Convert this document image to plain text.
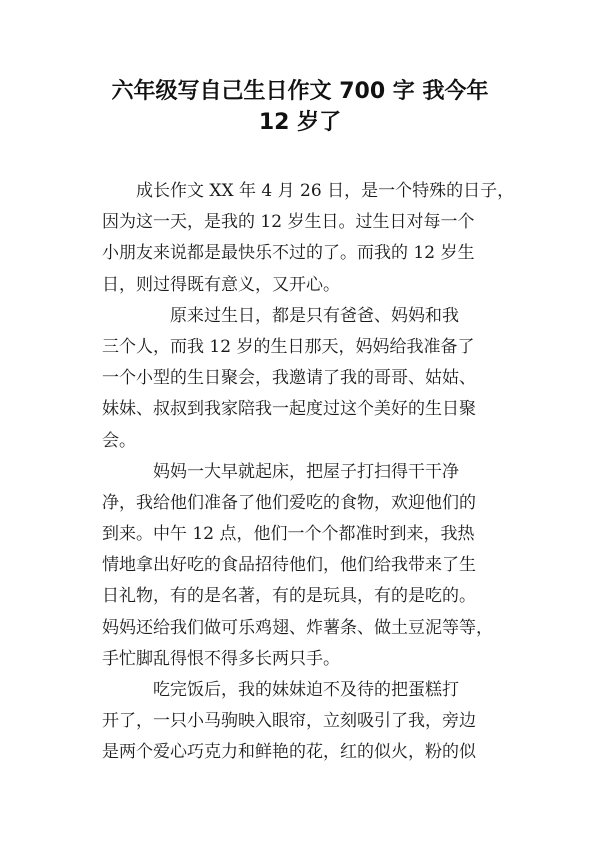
六年级写自己生日作文 700 字 我今年
12 岁了

　　成长作文 XX 年 4 月 26 日，是一个特殊的日子，
因为这一天，是我的 12 岁生日。过生日对每一个
小朋友来说都是最快乐不过的了。而我的 12 岁生
日，则过得既有意义，又开心。

　　　　原来过生日，都是只有爸爸、妈妈和我
三个人，而我 12 岁的生日那天，妈妈给我准备了
一个小型的生日聚会，我邀请了我的哥哥、姑姑、
妹妹、叔叔到我家陪我一起度过这个美好的生日聚
会。

　　　妈妈一大早就起床，把屋子打扫得干干净
净，我给他们准备了他们爱吃的食物，欢迎他们的
到来。中午 12 点，他们一个个都准时到来，我热
情地拿出好吃的食品招待他们，他们给我带来了生
日礼物，有的是名著，有的是玩具，有的是吃的。
妈妈还给我们做可乐鸡翅、炸薯条、做土豆泥等等，
手忙脚乱得恨不得多长两只手。

　　　吃完饭后，我的妹妹迫不及待的把蛋糕打
开了，一只小马驹映入眼帘，立刻吸引了我，旁边
是两个爱心巧克力和鲜艳的花，红的似火，粉的似
